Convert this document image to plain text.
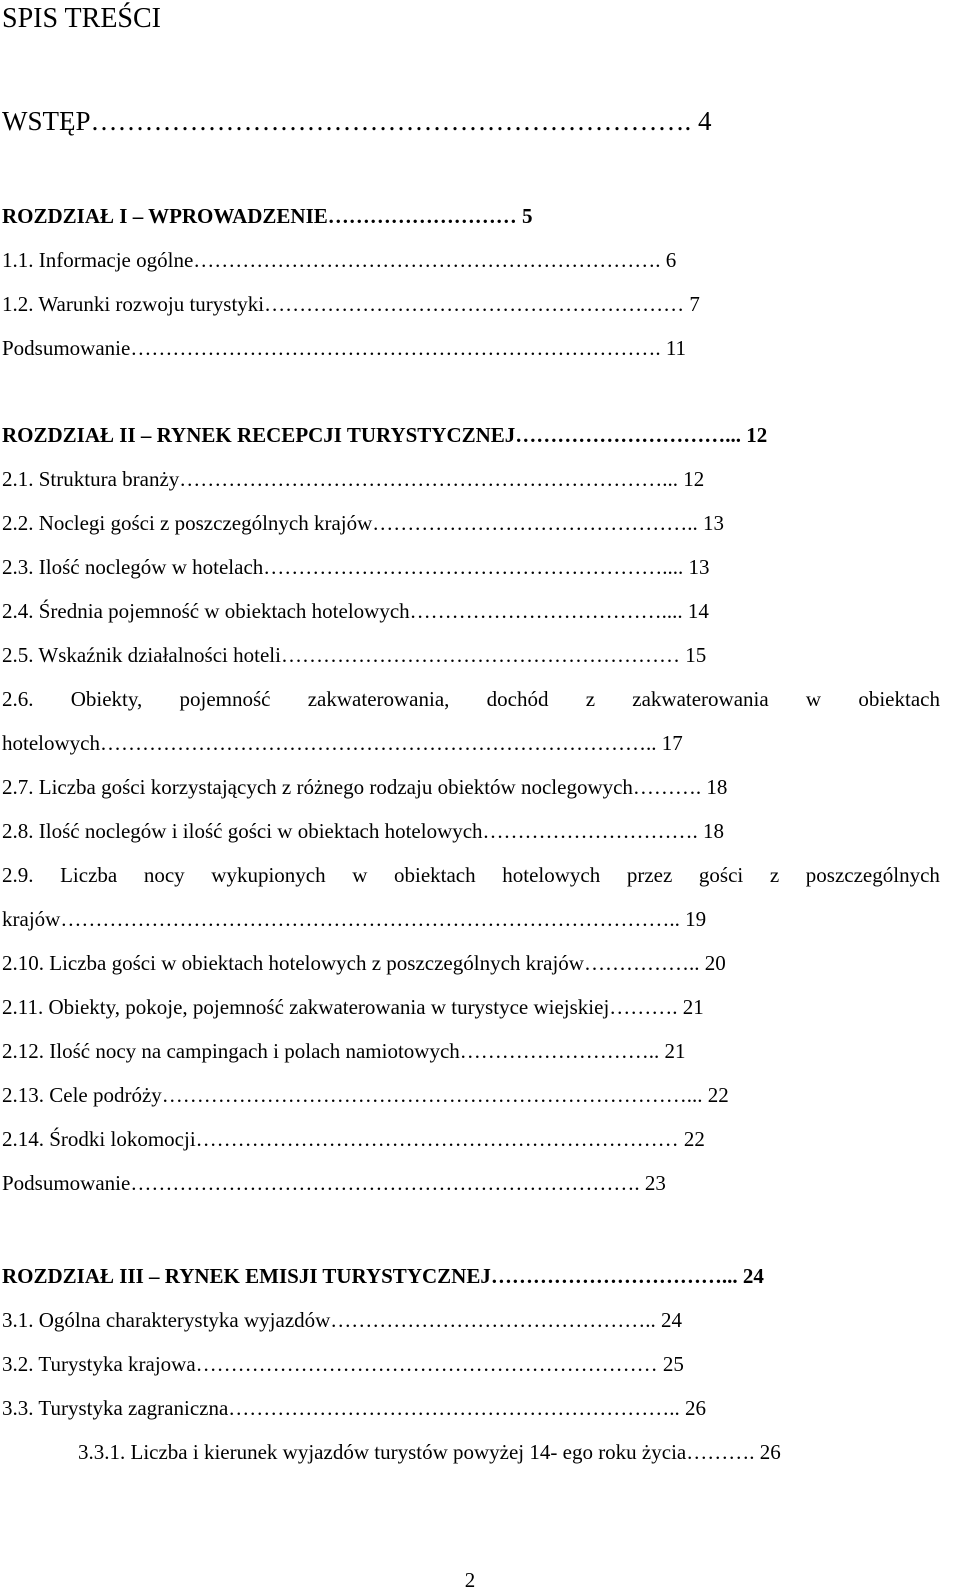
SPIS TREŚCI
WSTĘP…………………………………………………………. 4
ROZDZIAŁ I – WPROWADZENIE……………………… 5
1.1. Informacje ogólne…………………………………………………………. 6
1.2. Warunki rozwoju turystyki…………………………………………………… 7
Podsumowanie…………………………………………………………………. 11
ROZDZIAŁ II – RYNEK RECEPCJI TURYSTYCZNEJ…………………………... 12
2.1. Struktura branży……………………………………………………………... 12
2.2. Noclegi gości z poszczególnych krajów……………………………………….. 13
2.3. Ilość noclegów w hotelach………………………………………………….... 13
2.4. Średnia pojemność w obiektach hotelowych……………………………….... 14
2.5. Wskaźnik działalności hoteli………………………………………………… 15
2.6. Obiekty, pojemność zakwaterowania, dochód z zakwaterowania w obiektach
hotelowych…………………………………………………………………….. 17
2.7. Liczba gości korzystających z różnego rodzaju obiektów noclegowych………. 18
2.8. Ilość noclegów i ilość gości w obiektach hotelowych…………………………. 18
2.9. Liczba nocy wykupionych w obiektach hotelowych przez gości z poszczególnych
krajów…………………………………………………………………………….. 19
2.10. Liczba gości w obiektach hotelowych z poszczególnych krajów…………….. 20
2.11. Obiekty, pokoje, pojemność zakwaterowania w turystyce wiejskiej………. 21
2.12. Ilość nocy na campingach i polach namiotowych……………………….. 21
2.13. Cele podróży…………………………………………………………………... 22
2.14. Środki lokomocji…………………………………………………………… 22
Podsumowanie………………………………………………………………. 23
ROZDZIAŁ III – RYNEK EMISJI TURYSTYCZNEJ……………………………... 24
3.1. Ogólna charakterystyka wyjazdów……………………………………….. 24
3.2. Turystyka krajowa………………………………………………………… 25
3.3. Turystyka zagraniczna……………………………………………………….. 26
3.3.1. Liczba i kierunek wyjazdów turystów powyżej 14- ego roku życia………. 26
2
